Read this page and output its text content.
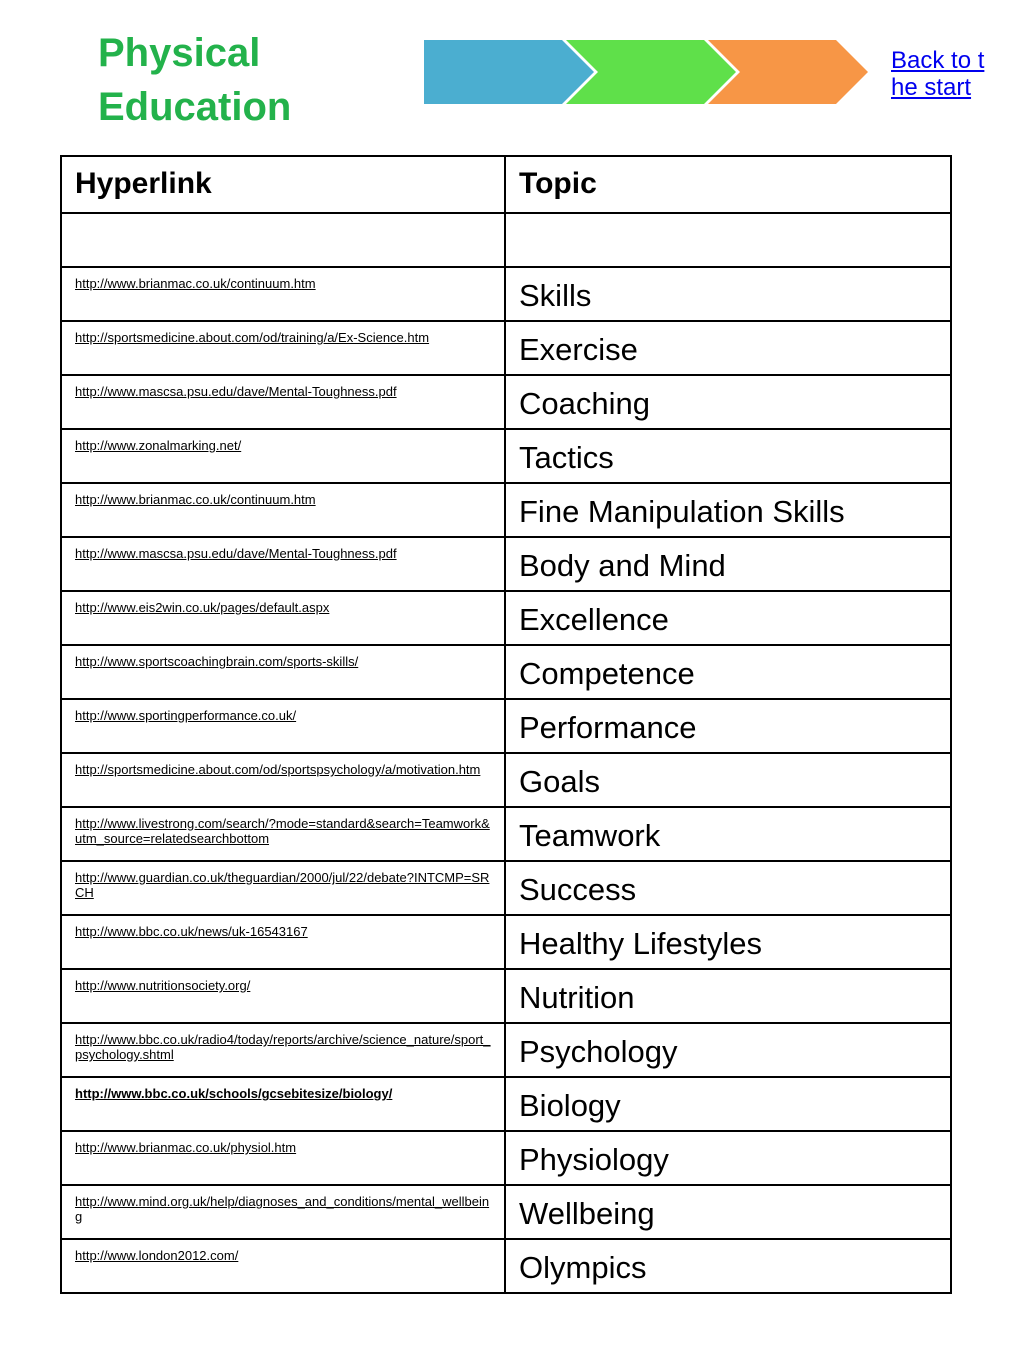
Physical Education
Back to the start
Hyperlink	Topic

http://www.brianmac.co.uk/continuum.htm	Skills
http://sportsmedicine.about.com/od/training/a/Ex-Science.htm	Exercise
http://www.mascsa.psu.edu/dave/Mental-Toughness.pdf	Coaching
http://www.zonalmarking.net/	Tactics
http://www.brianmac.co.uk/continuum.htm	Fine Manipulation Skills
http://www.mascsa.psu.edu/dave/Mental-Toughness.pdf	Body and Mind
http://www.eis2win.co.uk/pages/default.aspx	Excellence
http://www.sportscoachingbrain.com/sports-skills/	Competence
http://www.sportingperformance.co.uk/	Performance
http://sportsmedicine.about.com/od/sportspsychology/a/motivation.htm	Goals
http://www.livestrong.com/search/?mode=standard&search=Teamwork&utm_source=relatedsearchbottom	Teamwork
http://www.guardian.co.uk/theguardian/2000/jul/22/debate?INTCMP=SRCH	Success
http://www.bbc.co.uk/news/uk-16543167	Healthy Lifestyles
http://www.nutritionsociety.org/	Nutrition
http://www.bbc.co.uk/radio4/today/reports/archive/science_nature/sport_psychology.shtml	Psychology
http://www.bbc.co.uk/schools/gcsebitesize/biology/	Biology
http://www.brianmac.co.uk/physiol.htm	Physiology
http://www.mind.org.uk/help/diagnoses_and_conditions/mental_wellbeing	Wellbeing
http://www.london2012.com/	Olympics
